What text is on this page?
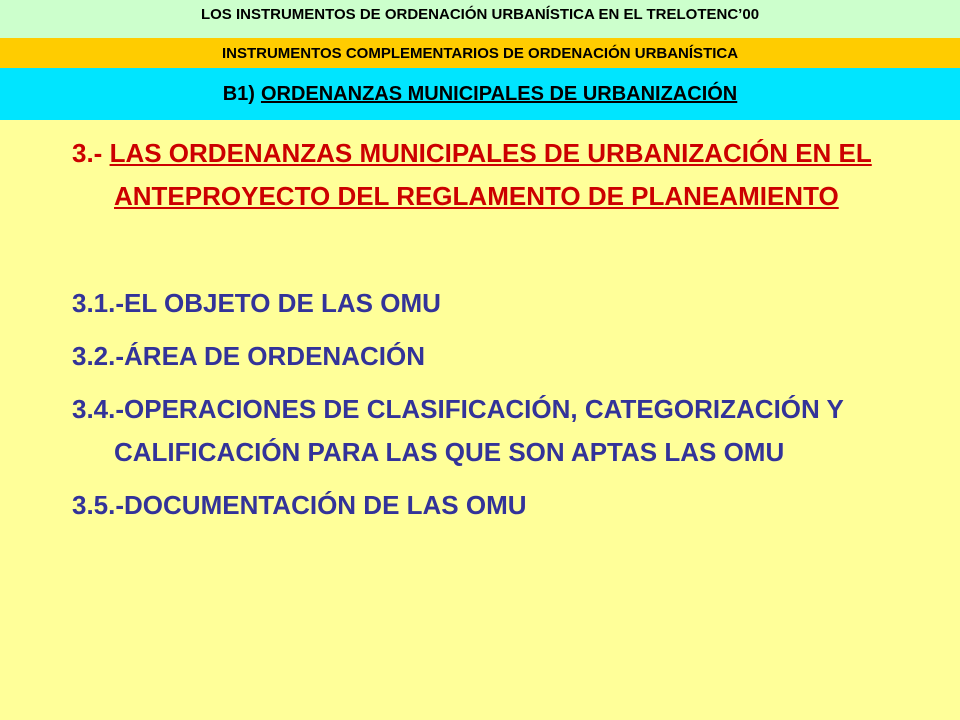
LOS INSTRUMENTOS DE ORDENACIÓN URBANÍSTICA EN EL TRELOTENC’00
INSTRUMENTOS COMPLEMENTARIOS DE ORDENACIÓN URBANÍSTICA
B1) ORDENANZAS MUNICIPALES DE URBANIZACIÓN
3.- LAS ORDENANZAS MUNICIPALES DE URBANIZACIÓN EN EL ANTEPROYECTO DEL REGLAMENTO DE PLANEAMIENTO
3.1.-EL OBJETO DE LAS OMU
3.2.-ÁREA DE ORDENACIÓN
3.4.-OPERACIONES DE CLASIFICACIÓN, CATEGORIZACIÓN Y CALIFICACIÓN PARA LAS QUE SON APTAS LAS OMU
3.5.-DOCUMENTACIÓN DE LAS OMU
